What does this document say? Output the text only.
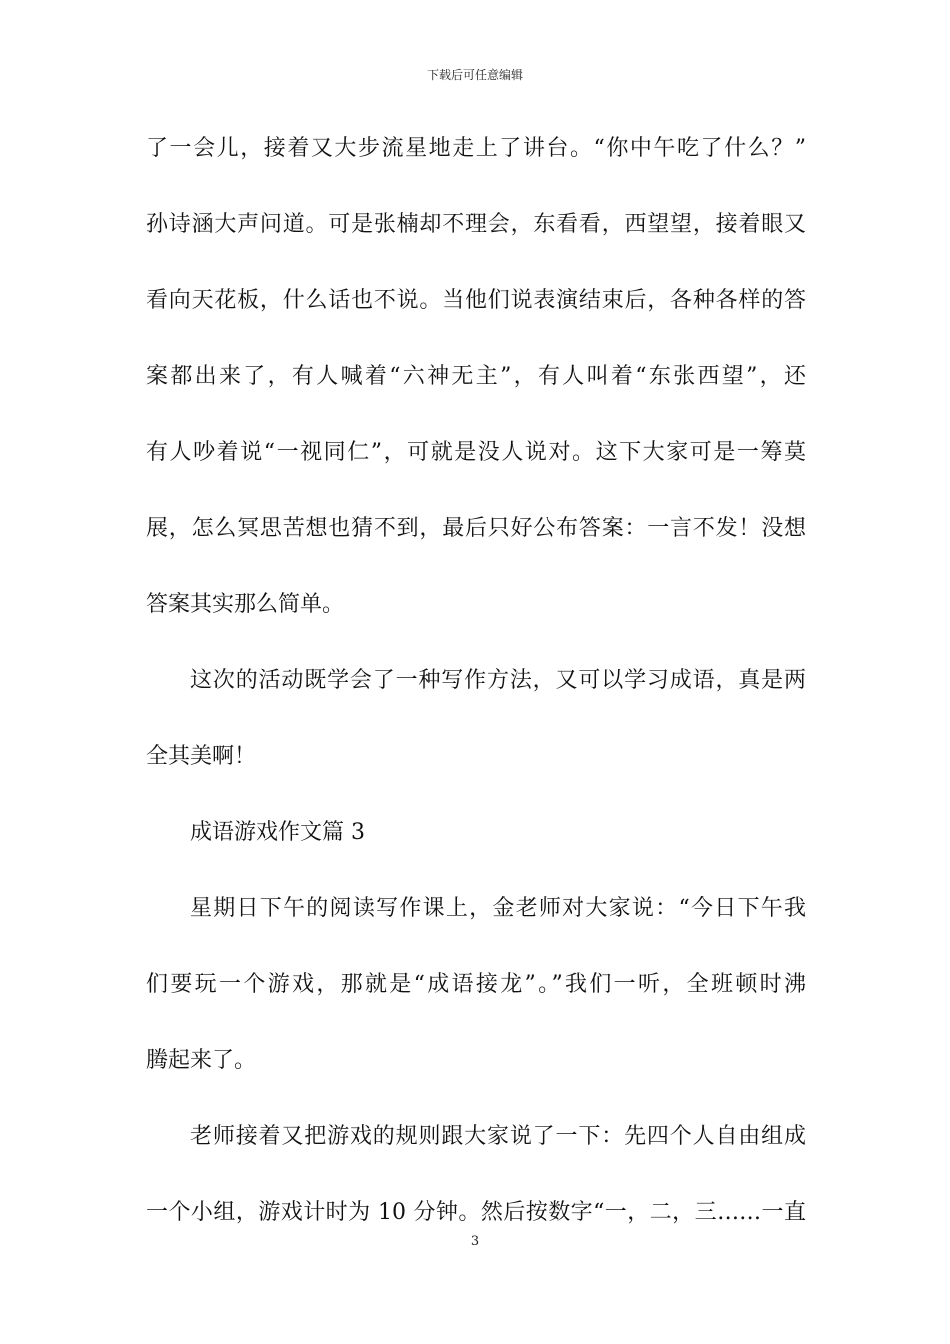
下载后可任意编辑
了一会儿，接着又大步流星地走上了讲台。“你中午吃了什么？”
孙诗涵大声问道。可是张楠却不理会，东看看，西望望，接着眼又
看向天花板，什么话也不说。当他们说表演结束后，各种各样的答
案都出来了，有人喊着“六神无主”，有人叫着“东张西望”，还
有人吵着说“一视同仁”，可就是没人说对。这下大家可是一筹莫
展，怎么冥思苦想也猜不到，最后只好公布答案：一言不发！没想
答案其实那么简单。
这次的活动既学会了一种写作方法，又可以学习成语，真是两
全其美啊！
成语游戏作文篇 3
星期日下午的阅读写作课上，金老师对大家说：“今日下午我
们要玩一个游戏，那就是“成语接龙”。”我们一听，全班顿时沸
腾起来了。
老师接着又把游戏的规则跟大家说了一下：先四个人自由组成
一个小组，游戏计时为 10 分钟。然后按数字“一，二，三……一直
3
